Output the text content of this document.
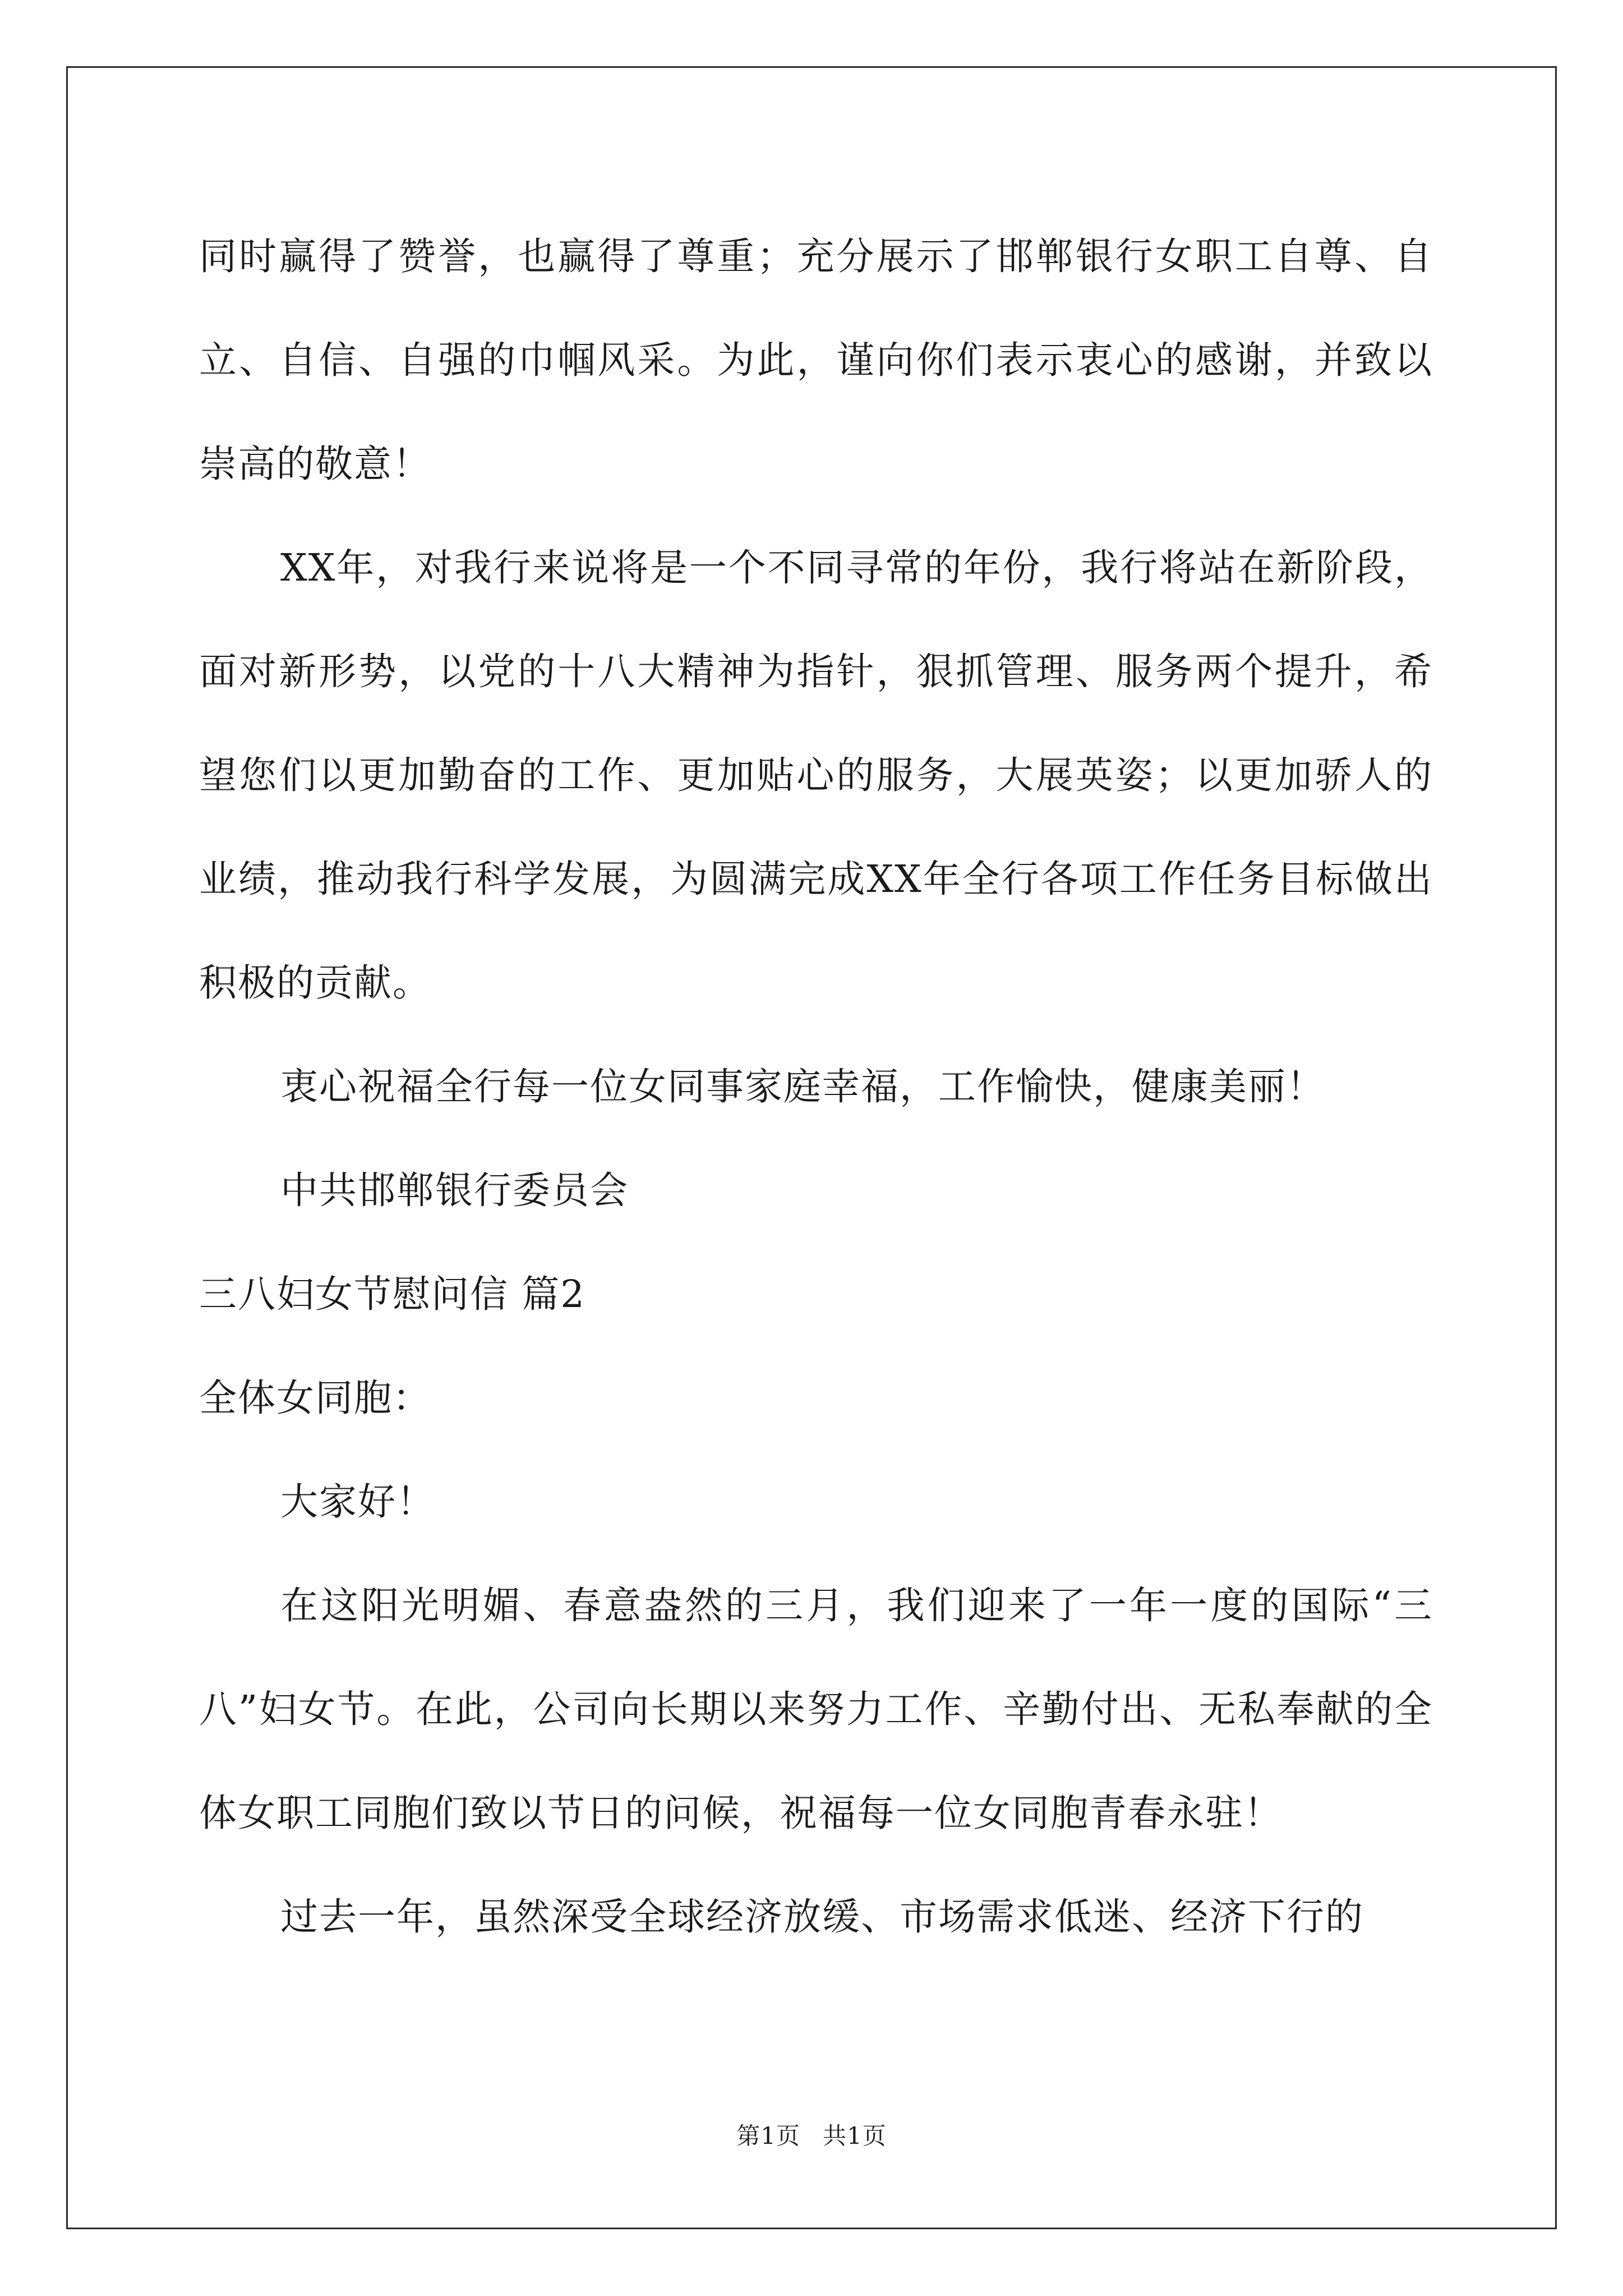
同时赢得了赞誉，也赢得了尊重；充分展示了邯郸银行女职工自尊、自立、自信、自强的巾帼风采。为此，谨向你们表示衷心的感谢，并致以崇高的敬意！

XX年，对我行来说将是一个不同寻常的年份，我行将站在新阶段，面对新形势，以党的十八大精神为指针，狠抓管理、服务两个提升，希望您们以更加勤奋的工作、更加贴心的服务，大展英姿；以更加骄人的业绩，推动我行科学发展，为圆满完成XX年全行各项工作任务目标做出积极的贡献。

衷心祝福全行每一位女同事家庭幸福，工作愉快，健康美丽！

中共邯郸银行委员会

三八妇女节慰问信 篇2

全体女同胞：

大家好！

在这阳光明媚、春意盎然的三月，我们迎来了一年一度的国际“三八”妇女节。在此，公司向长期以来努力工作、辛勤付出、无私奉献的全体女职工同胞们致以节日的问候，祝福每一位女同胞青春永驻！

过去一年，虽然深受全球经济放缓、市场需求低迷、经济下行的

第1页 共1页
